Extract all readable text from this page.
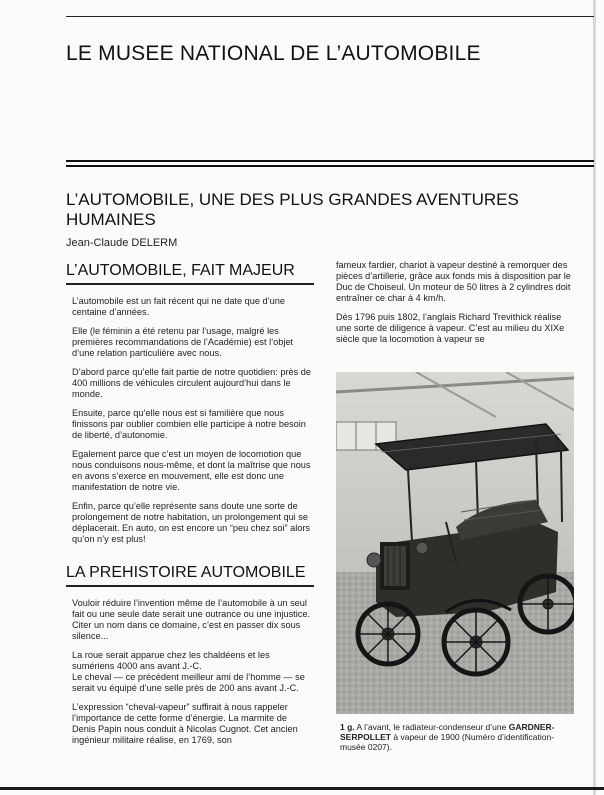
LE MUSEE NATIONAL DE L’AUTOMOBILE
L’AUTOMOBILE, UNE DES PLUS GRANDES AVENTURES HUMAINES
Jean-Claude DELERM
L’AUTOMOBILE, FAIT MAJEUR

L’automobile est un fait récent qui ne date que d’une centaine d’années.

Elle (le féminin a été retenu par l’usage, malgré les premières recommandations de l’Académie) est l’objet d’une relation particulière avec nous.

D’abord parce qu’elle fait partie de notre quotidien: près de 400 millions de véhicules circulent aujourd’hui dans le monde.

Ensuite, parce qu’elle nous est si familière que nous finissons par oublier combien elle participe à notre besoin de liberté, d’autonomie.

Egalement parce que c’est un moyen de locomotion que nous conduisons nous-même, et dont la maîtrise que nous en avons s’exerce en mouvement, elle est donc une manifestation de notre vie.

Enfin, parce qu’elle représente sans doute une sorte de prolongement de notre habitation, un prolongement qui se déplacerait. En auto, on est encore un “peu chez soi” alors qu’on n’y est plus!

LA PREHISTOIRE AUTOMOBILE

Vouloir réduire l’invention même de l’automobile à un seul fait ou une seule date serait une outrance ou une injustice. Citer un nom dans ce domaine, c’est en passer dix sous silence...

La roue serait apparue chez les chaldéens et les sumériens 4000 ans avant J.-C.

Le cheval — ce précédent meilleur ami de l’homme — se serait vu équipé d’une selle près de 200 ans avant J.-C.

L’expression “cheval-vapeur” suffirait à nous rappeler l’importance de cette forme d’énergie. La marmite de Denis Papin nous conduit à Nicolas Cugnot. Cet ancien ingénieur militaire réalise, en 1769, son

fameux fardier, chariot à vapeur destiné à remorquer des pièces d’artillerie, grâce aux fonds mis à disposition par le Duc de Choiseul. Un moteur de 50 litres à 2 cylindres doit entraîner ce char à 4 km/h.

Dès 1796 puis 1802, l’anglais Richard Trevithick réalise une sorte de diligence à vapeur. C’est au milieu du XIXe siècle que la locomotion à vapeur se

1 g. A l’avant, le radiateur-condenseur d’une GARDNER-SERPOLLET à vapeur de 1900 (Numéro d’identification-musée 0207).
